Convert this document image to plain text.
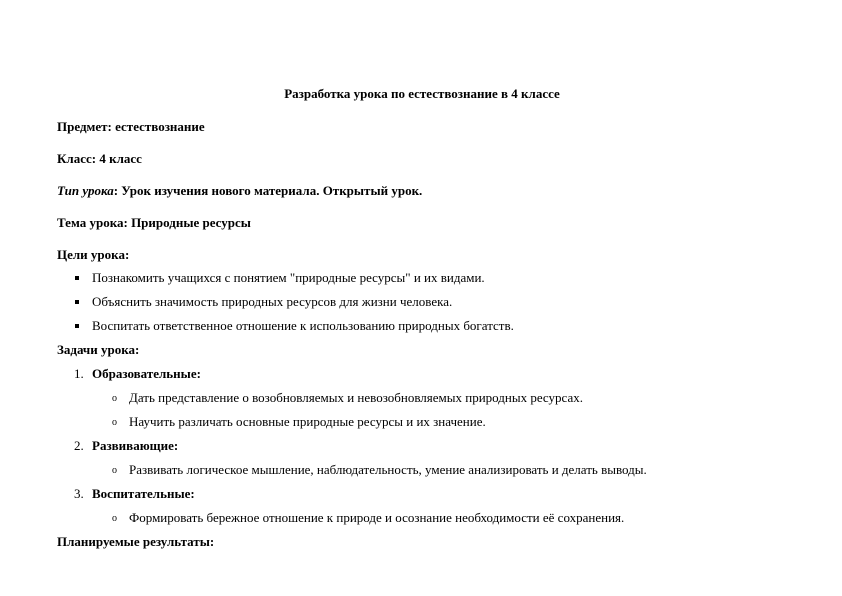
Разработка урока по естествознание в 4 классе

Предмет: естествознание

Класс: 4 класс

Тип урока: Урок изучения нового материала. Открытый урок.

Тема урока: Природные ресурсы

Цели урока:

Познакомить учащихся с понятием "природные ресурсы" и их видами.
Объяснить значимость природных ресурсов для жизни человека.
Воспитать ответственное отношение к использованию природных богатств.

Задачи урока:

1. Образовательные:
o Дать представление о возобновляемых и невозобновляемых природных ресурсах.
o Научить различать основные природные ресурсы и их значение.
2. Развивающие:
o Развивать логическое мышление, наблюдательность, умение анализировать и делать выводы.
3. Воспитательные:
o Формировать бережное отношение к природе и осознание необходимости её сохранения.

Планируемые результаты:
